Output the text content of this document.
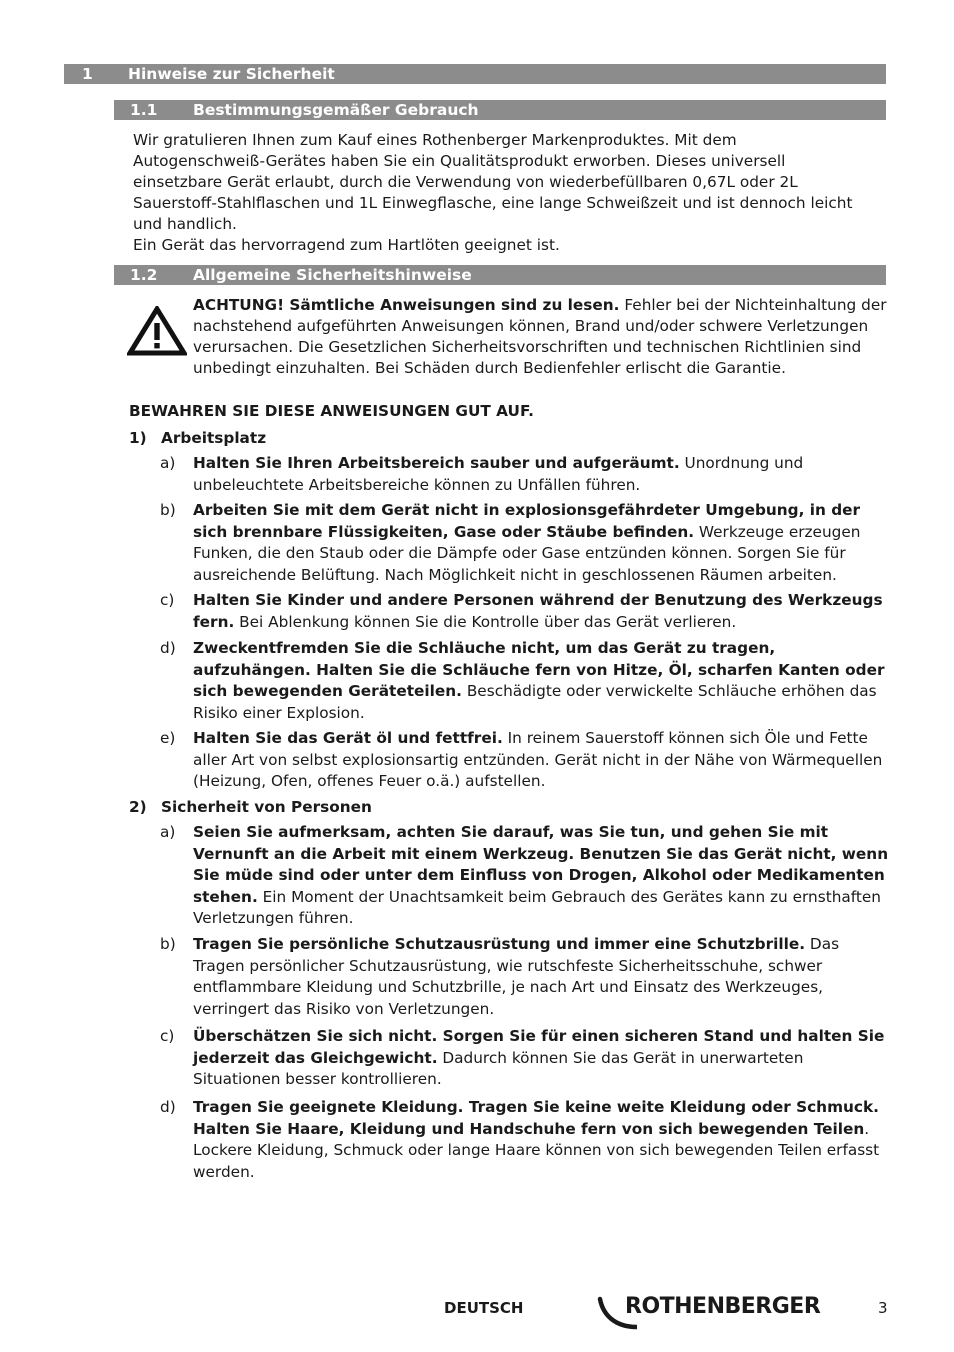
1 Hinweise zur Sicherheit
1.1 Bestimmungsgemäßer Gebrauch
Wir gratulieren Ihnen zum Kauf eines Rothenberger Markenproduktes. Mit dem
Autogenschweiß-Gerätes haben Sie ein Qualitätsprodukt erworben. Dieses universell
einsetzbare Gerät erlaubt, durch die Verwendung von wiederbefüllbaren 0,67L oder 2L
Sauerstoff-Stahlflaschen und 1L Einwegflasche, eine lange Schweißzeit und ist dennoch leicht
und handlich.
Ein Gerät das hervorragend zum Hartlöten geeignet ist.
1.2 Allgemeine Sicherheitshinweise
ACHTUNG! Sämtliche Anweisungen sind zu lesen. Fehler bei der Nichteinhaltung der nachstehend aufgeführten Anweisungen können, Brand und/oder schwere Verletzungen verursachen. Die Gesetzlichen Sicherheitsvorschriften und technischen Richtlinien sind unbedingt einzuhalten. Bei Schäden durch Bedienfehler erlischt die Garantie.
BEWAHREN SIE DIESE ANWEISUNGEN GUT AUF.
1) Arbeitsplatz
a) Halten Sie Ihren Arbeitsbereich sauber und aufgeräumt. Unordnung und unbeleuchtete Arbeitsbereiche können zu Unfällen führen.
b) Arbeiten Sie mit dem Gerät nicht in explosionsgefährdeter Umgebung, in der sich brennbare Flüssigkeiten, Gase oder Stäube befinden. Werkzeuge erzeugen Funken, die den Staub oder die Dämpfe oder Gase entzünden können. Sorgen Sie für ausreichende Belüftung. Nach Möglichkeit nicht in geschlossenen Räumen arbeiten.
c) Halten Sie Kinder und andere Personen während der Benutzung des Werkzeugs fern. Bei Ablenkung können Sie die Kontrolle über das Gerät verlieren.
d) Zweckentfremden Sie die Schläuche nicht, um das Gerät zu tragen, aufzuhängen. Halten Sie die Schläuche fern von Hitze, Öl, scharfen Kanten oder sich bewegenden Geräteteilen. Beschädigte oder verwickelte Schläuche erhöhen das Risiko einer Explosion.
e) Halten Sie das Gerät öl und fettfrei. In reinem Sauerstoff können sich Öle und Fette aller Art von selbst explosionsartig entzünden. Gerät nicht in der Nähe von Wärmequellen (Heizung, Ofen, offenes Feuer o.ä.) aufstellen.
2) Sicherheit von Personen
a) Seien Sie aufmerksam, achten Sie darauf, was Sie tun, und gehen Sie mit Vernunft an die Arbeit mit einem Werkzeug. Benutzen Sie das Gerät nicht, wenn Sie müde sind oder unter dem Einfluss von Drogen, Alkohol oder Medikamenten stehen. Ein Moment der Unachtsamkeit beim Gebrauch des Gerätes kann zu ernsthaften Verletzungen führen.
b) Tragen Sie persönliche Schutzausrüstung und immer eine Schutzbrille. Das Tragen persönlicher Schutzausrüstung, wie rutschfeste Sicherheitsschuhe, schwer entflammbare Kleidung und Schutzbrille, je nach Art und Einsatz des Werkzeuges, verringert das Risiko von Verletzungen.
c) Überschätzen Sie sich nicht. Sorgen Sie für einen sicheren Stand und halten Sie jederzeit das Gleichgewicht. Dadurch können Sie das Gerät in unerwarteten Situationen besser kontrollieren.
d) Tragen Sie geeignete Kleidung. Tragen Sie keine weite Kleidung oder Schmuck. Halten Sie Haare, Kleidung und Handschuhe fern von sich bewegenden Teilen. Lockere Kleidung, Schmuck oder lange Haare können von sich bewegenden Teilen erfasst werden.
DEUTSCH	ROTHENBERGER	3
